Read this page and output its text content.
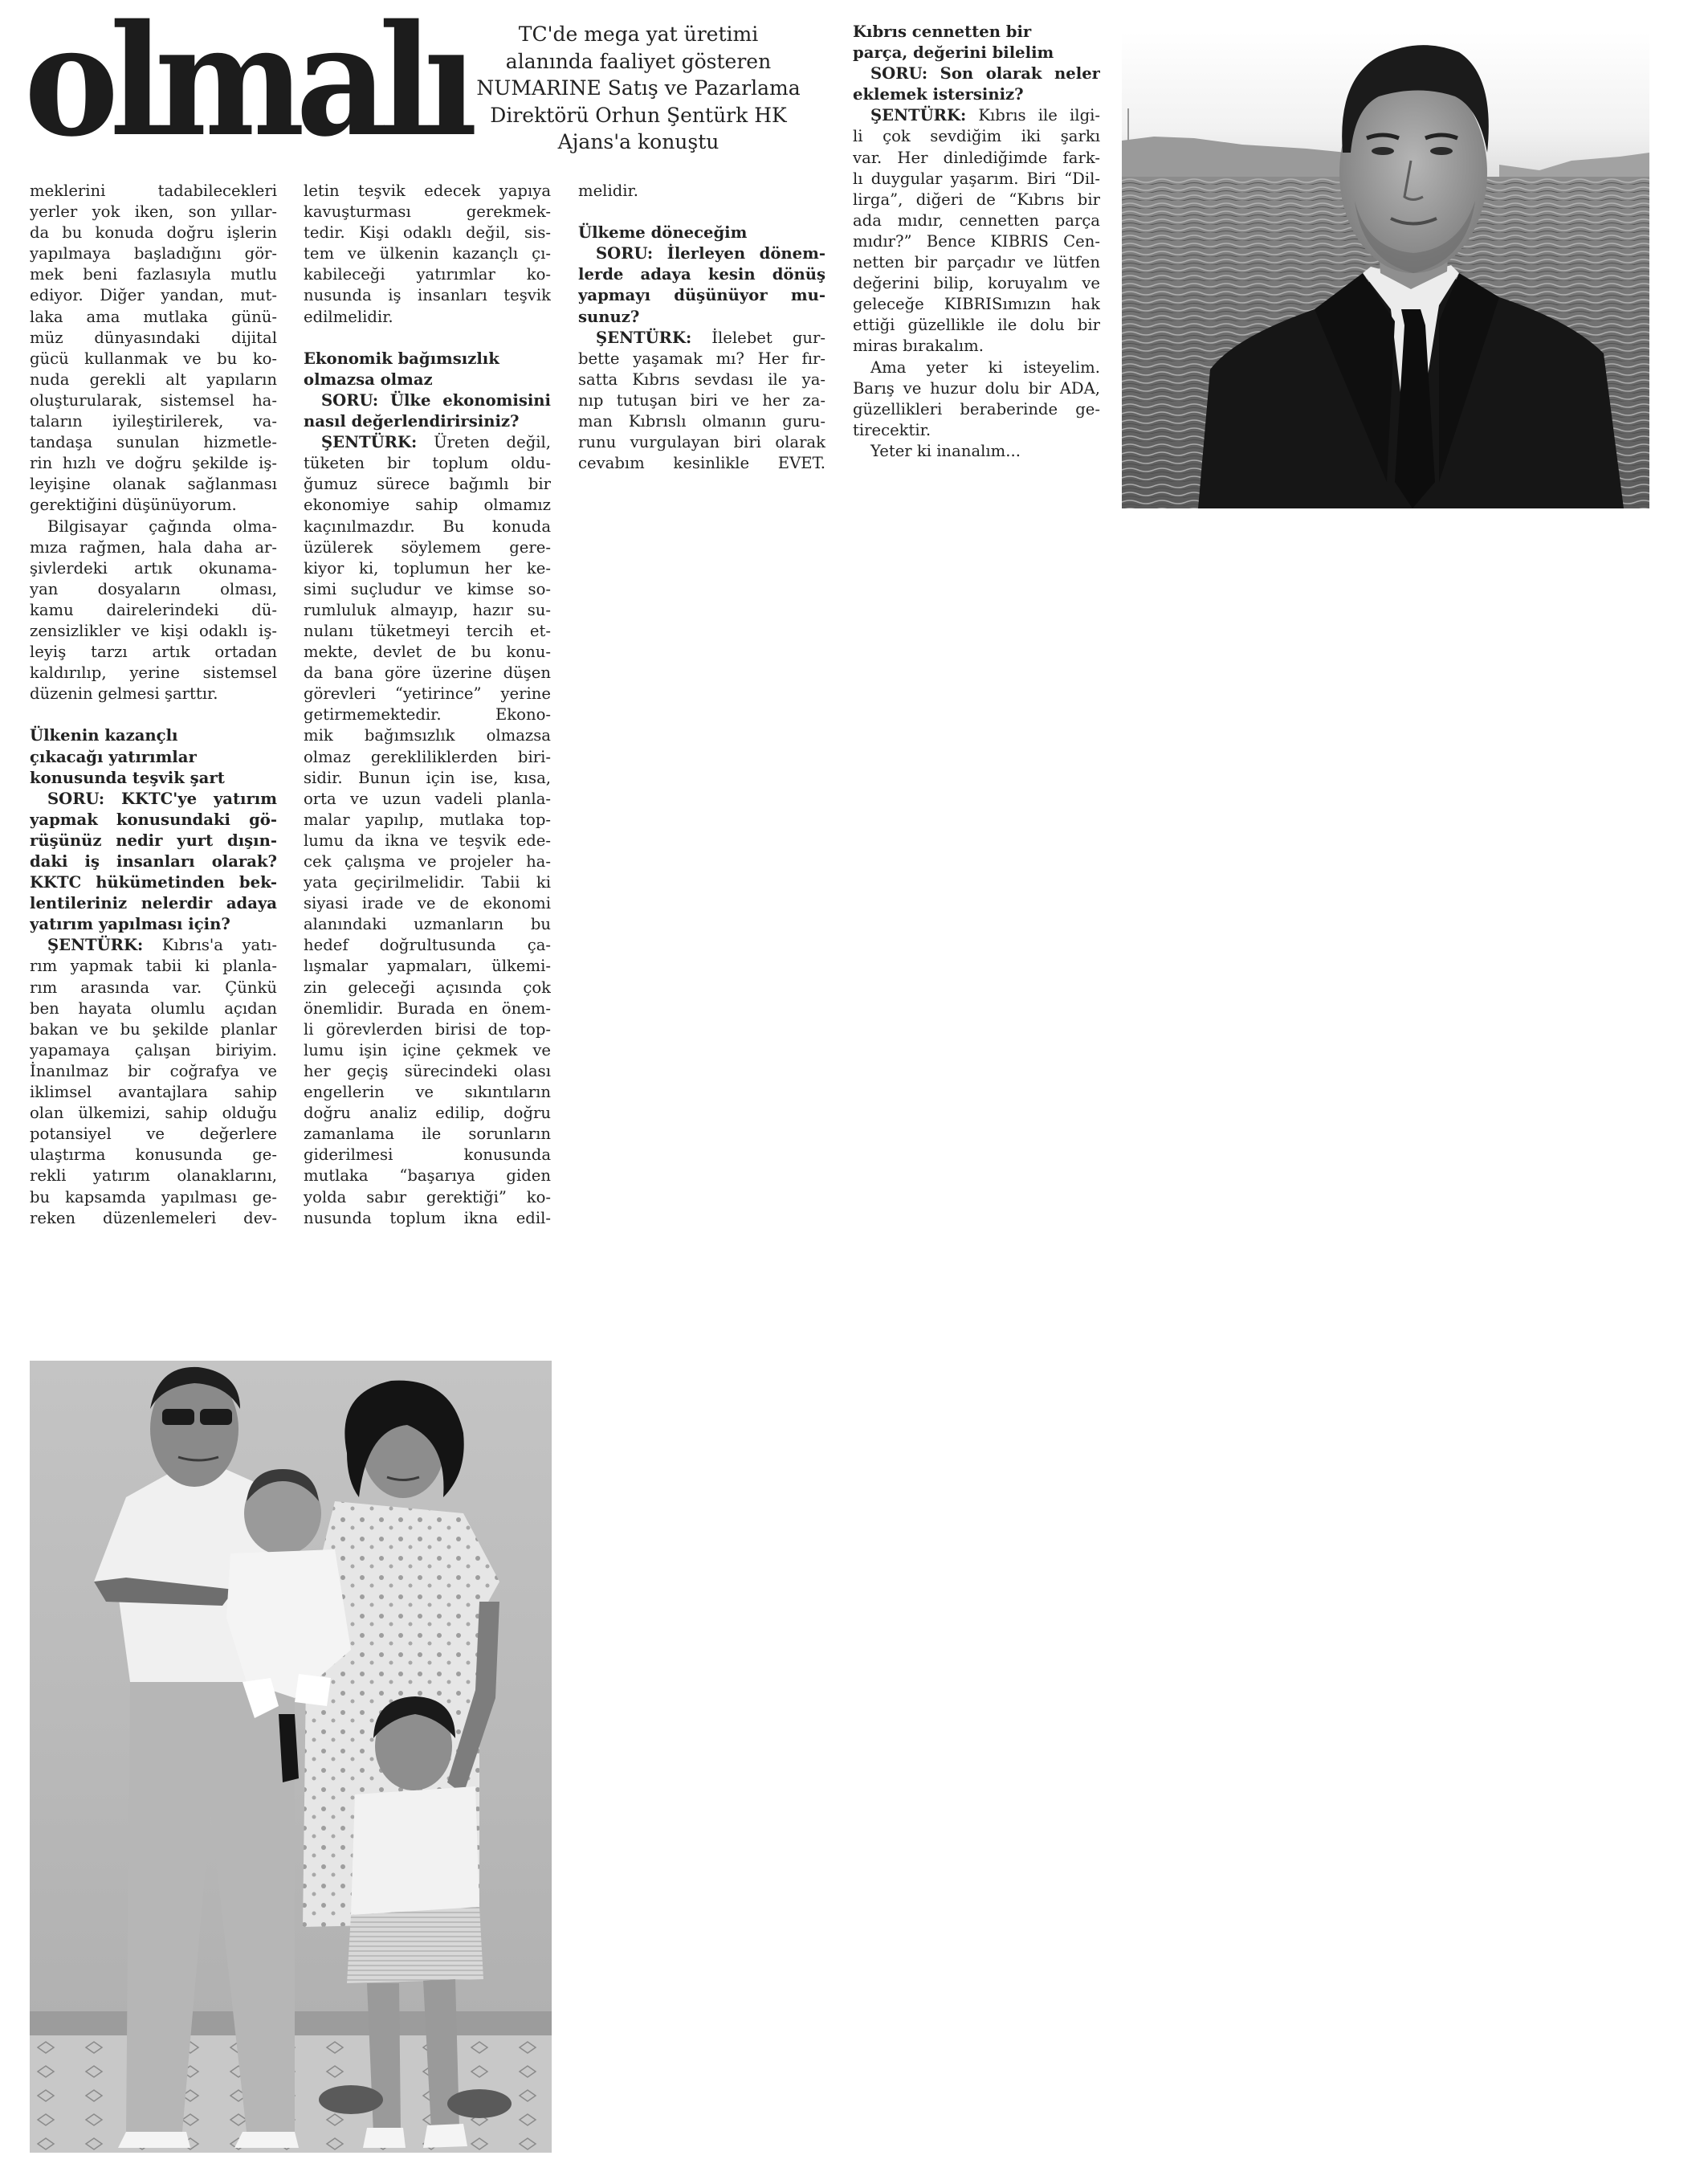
olmalı	TC'de mega yat üretimi
alanında faaliyet gösteren
NUMARINE Satış ve Pazarlama
Direktörü Orhun Şentürk HK
Ajans'a konuştu
meklerini tadabilecekleri
yerler yok iken, son yıllar-
da bu konuda doğru işlerin
yapılmaya başladığını gör-
mek beni fazlasıyla mutlu
ediyor. Diğer yandan, mut-
laka ama mutlaka günü-
müz dünyasındaki dijital
gücü kullanmak ve bu ko-
nuda gerekli alt yapıların
oluşturularak, sistemsel ha-
taların iyileştirilerek, va-
tandaşa sunulan hizmetle-
rin hızlı ve doğru şekilde iş-
leyişine olanak sağlanması
gerektiğini düşünüyorum.
Bilgisayar çağında olma-
mıza rağmen, hala daha ar-
şivlerdeki artık okunama-
yan dosyaların olması,
kamu dairelerindeki dü-
zensizlikler ve kişi odaklı iş-
leyiş tarzı artık ortadan
kaldırılıp, yerine sistemsel
düzenin gelmesi şarttır.
Ülkenin kazançlı
çıkacağı yatırımlar
konusunda teşvik şart
SORU: KKTC'ye yatırım
yapmak konusundaki gö-
rüşünüz nedir yurt dışın-
daki iş insanları olarak?
KKTC hükümetinden bek-
lentileriniz nelerdir adaya
yatırım yapılması için?
ŞENTÜRK: Kıbrıs'a yatı-
rım yapmak tabii ki planla-
rım arasında var. Çünkü
ben hayata olumlu açıdan
bakan ve bu şekilde planlar
yapamaya çalışan biriyim.
İnanılmaz bir coğrafya ve
iklimsel avantajlara sahip
olan ülkemizi, sahip olduğu
potansiyel ve değerlere
ulaştırma konusunda ge-
rekli yatırım olanaklarını,
bu kapsamda yapılması ge-
reken düzenlemeleri dev-
letin teşvik edecek yapıya
kavuşturması gerekmek-
tedir. Kişi odaklı değil, sis-
tem ve ülkenin kazançlı çı-
kabileceği yatırımlar ko-
nusunda iş insanları teşvik
edilmelidir.
Ekonomik bağımsızlık
olmazsa olmaz
SORU: Ülke ekonomisini
nasıl değerlendirirsiniz?
ŞENTÜRK: Üreten değil,
tüketen bir toplum oldu-
ğumuz sürece bağımlı bir
ekonomiye sahip olmamız
kaçınılmazdır. Bu konuda
üzülerek söylemem gere-
kiyor ki, toplumun her ke-
simi suçludur ve kimse so-
rumluluk almayıp, hazır su-
nulanı tüketmeyi tercih et-
mekte, devlet de bu konu-
da bana göre üzerine düşen
görevleri “yetirince” yerine
getirmemektedir. Ekono-
mik bağımsızlık olmazsa
olmaz gerekliliklerden biri-
sidir. Bunun için ise, kısa,
orta ve uzun vadeli planla-
malar yapılıp, mutlaka top-
lumu da ikna ve teşvik ede-
cek çalışma ve projeler ha-
yata geçirilmelidir. Tabii ki
siyasi irade ve de ekonomi
alanındaki uzmanların bu
hedef doğrultusunda ça-
lışmalar yapmaları, ülkemi-
zin geleceği açısında çok
önemlidir. Burada en önem-
li görevlerden birisi de top-
lumu işin içine çekmek ve
her geçiş sürecindeki olası
engellerin ve sıkıntıların
doğru analiz edilip, doğru
zamanlama ile sorunların
giderilmesi konusunda
mutlaka “başarıya giden
yolda sabır gerektiği” ko-
nusunda toplum ikna edil-
melidir.
Ülkeme döneceğim
SORU: İlerleyen dönem-
lerde adaya kesin dönüş
yapmayı düşünüyor mu-
sunuz?
ŞENTÜRK: İlelebet gur-
bette yaşamak mı? Her fır-
satta Kıbrıs sevdası ile ya-
nıp tutuşan biri ve her za-
man Kıbrıslı olmanın guru-
runu vurgulayan biri olarak
cevabım kesinlikle EVET.
Kıbrıs cennetten bir
parça, değerini bilelim
SORU: Son olarak neler
eklemek istersiniz?
ŞENTÜRK: Kıbrıs ile ilgi-
li çok sevdiğim iki şarkı
var. Her dinlediğimde fark-
lı duygular yaşarım. Biri “Dil-
lirga”, diğeri de “Kıbrıs bir
ada mıdır, cennetten parça
mıdır?” Bence KIBRIS Cen-
netten bir parçadır ve lütfen
değerini bilip, koruyalım ve
geleceğe KIBRISımızın hak
ettiği güzellikle ile dolu bir
miras bırakalım.
Ama yeter ki isteyelim.
Barış ve huzur dolu bir ADA,
güzellikleri beraberinde ge-
tirecektir.
Yeter ki inanalım...
